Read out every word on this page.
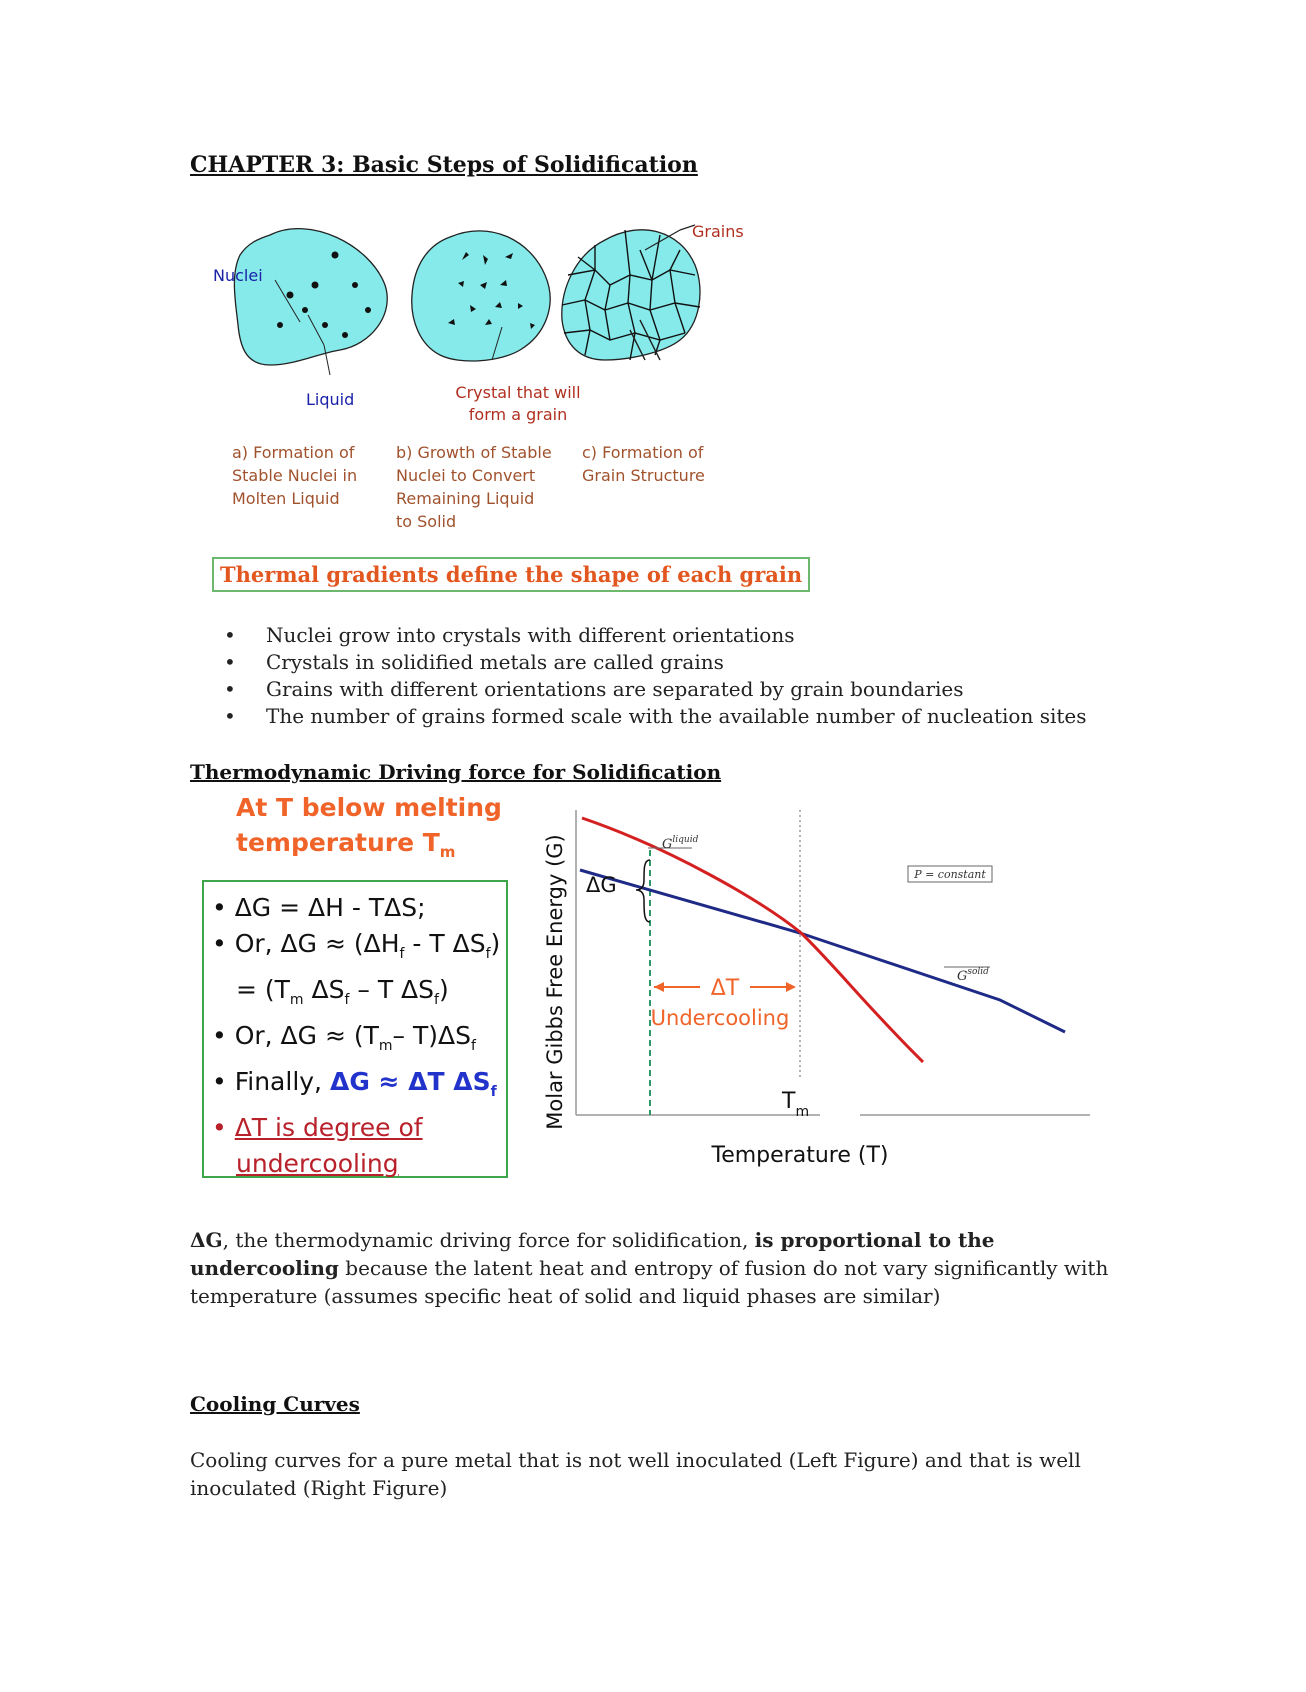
CHAPTER 3: Basic Steps of Solidification
Nuclei
Liquid	Crystal that will form a grain
Grains
a) Formation of Stable Nuclei in Molten Liquid
b) Growth of Stable Nuclei to Convert Remaining Liquid to Solid
c) Formation of Grain Structure
Thermal gradients define the shape of each grain
• Nuclei grow into crystals with different orientations
• Crystals in solidified metals are called grains
• Grains with different orientations are separated by grain boundaries
• The number of grains formed scale with the available number of nucleation sites
Thermodynamic Driving force for Solidification
At T below melting
temperature $T_m$
• ΔG = ΔH - TΔS;
• Or, $\Delta G \approx (\Delta H_f - T$ $\Delta S_f$)
= ($T_m$ $\Delta S_f$ – T $\Delta S_f$)
• Or, $\Delta G \approx (T_m-$ $T)\Delta S_f$
• Finally, ΔG ≈ ΔT $\Delta S_f$
• ΔT is degree of
undercooling
Molar Gibbs Free Energy (G)
Temperature (T)
ΔG
$G^{liquid}$
$G^{solid}$
P = constant
ΔT
Undercooling
$T_m$
ΔG, the thermodynamic driving force for solidification, is proportional to the undercooling because the latent heat and entropy of fusion do not vary significantly with temperature (assumes specific heat of solid and liquid phases are similar)
Cooling Curves
Cooling curves for a pure metal that is not well inoculated (Left Figure) and that is well inoculated (Right Figure)
